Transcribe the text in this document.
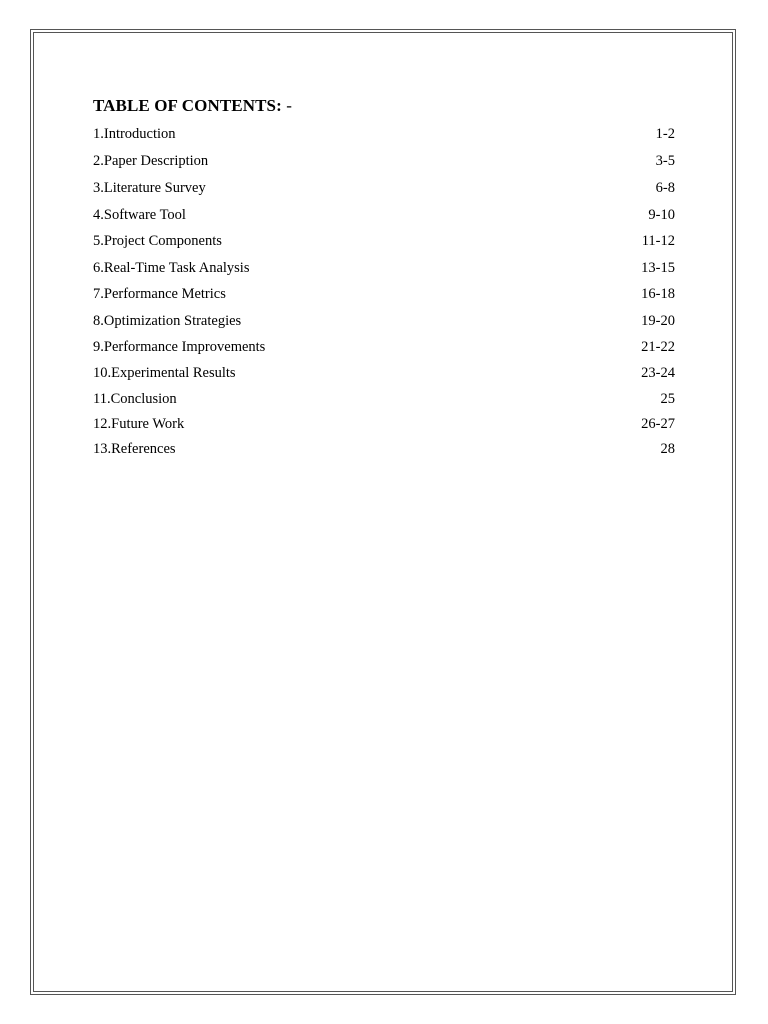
TABLE OF CONTENTS: -
1.Introduction	1-2
2.Paper Description	3-5
3.Literature Survey	6-8
4.Software Tool	9-10
5.Project Components	11-12
6.Real-Time Task Analysis	13-15
7.Performance Metrics	16-18
8.Optimization Strategies	19-20
9.Performance Improvements	21-22
10.Experimental Results	23-24
11.Conclusion	25
12.Future Work	26-27
13.References	28
